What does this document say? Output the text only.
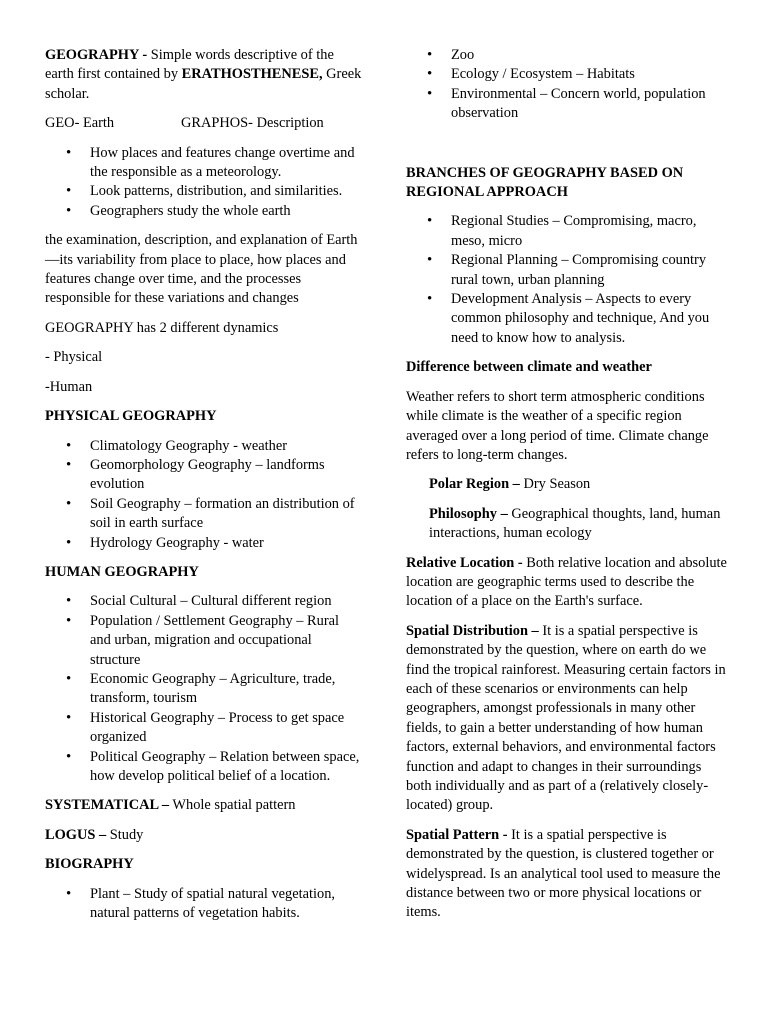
GEOGRAPHY - Simple words descriptive of the earth first contained by ERATHOSTHENESE, Greek scholar.

GEO- Earth	GRAPHOS- Description

• How places and features change overtime and the responsible as a meteorology.
• Look patterns, distribution, and similarities.
• Geographers study the whole earth

the examination, description, and explanation of Earth—its variability from place to place, how places and features change over time, and the processes responsible for these variations and changes

GEOGRAPHY has 2 different dynamics

- Physical

-Human

PHYSICAL GEOGRAPHY

• Climatology Geography - weather
• Geomorphology Geography – landforms evolution
• Soil Geography – formation an distribution of soil in earth surface
• Hydrology Geography - water

HUMAN GEOGRAPHY

• Social Cultural – Cultural different region
• Population / Settlement Geography – Rural and urban, migration and occupational structure
• Economic Geography – Agriculture, trade, transform, tourism
• Historical Geography – Process to get space organized
• Political Geography – Relation between space, how develop political belief of a location.

SYSTEMATICAL – Whole spatial pattern

LOGUS – Study

BIOGRAPHY

• Plant – Study of spatial natural vegetation, natural patterns of vegetation habits.
• Zoo
• Ecology / Ecosystem – Habitats
• Environmental – Concern world, population observation

BRANCHES OF GEOGRAPHY BASED ON REGIONAL APPROACH

• Regional Studies – Compromising, macro, meso, micro
• Regional Planning – Compromising country rural town, urban planning
• Development Analysis – Aspects to every common philosophy and technique, And you need to know how to analysis.

Difference between climate and weather

Weather refers to short term atmospheric conditions while climate is the weather of a specific region averaged over a long period of time. Climate change refers to long-term changes.

Polar Region – Dry Season

Philosophy – Geographical thoughts, land, human interactions, human ecology

Relative Location - Both relative location and absolute location are geographic terms used to describe the location of a place on the Earth's surface.

Spatial Distribution – It is a spatial perspective is demonstrated by the question, where on earth do we find the tropical rainforest. Measuring certain factors in each of these scenarios or environments can help geographers, amongst professionals in many other fields, to gain a better understanding of how human factors, external behaviors, and environmental factors function and adapt to changes in their surroundings both individually and as part of a (relatively closely-located) group.

Spatial Pattern - It is a spatial perspective is demonstrated by the question, is clustered together or widelyspread. Is an analytical tool used to measure the distance between two or more physical locations or items.
